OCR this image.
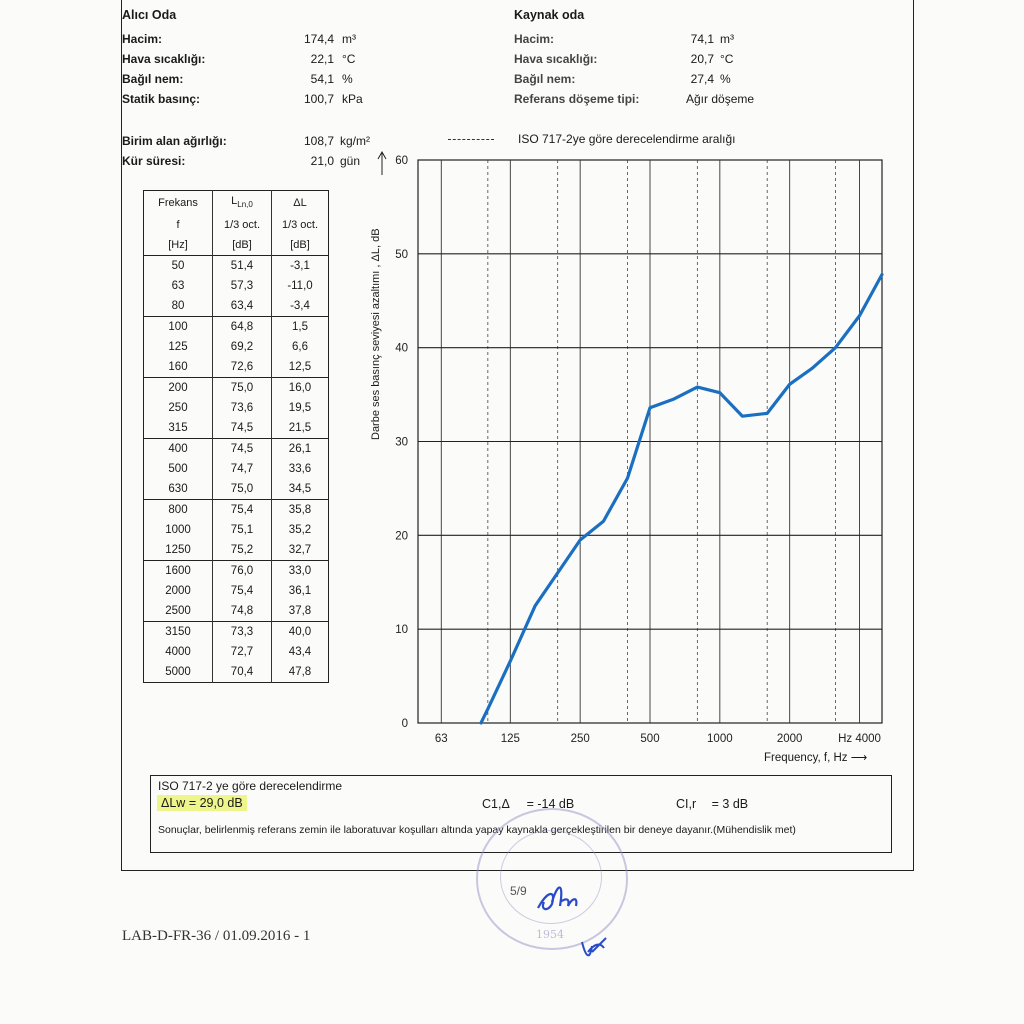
Alıcı Oda
Hacim:	174,4 m³
Hava sıcaklığı:	22,1 °C
Bağıl nem:	54,1 %
Statik basınç:	100,7 kPa
Kaynak oda
Hacim:	74,1 m³
Hava sıcaklığı:	20,7 °C
Bağıl nem:	27,4 %
Referans döşeme tipi:	Ağır döşeme
Birim alan ağırlığı:	108,7 kg/m²
Kür süresi:	21,0 gün
ISO 717-2ye göre derecelendirme aralığı
Frekans	$L_{Ln,0}$	ΔL
f	1/3 oct.	1/3 oct.
[Hz]	[dB]	[dB]
50	51,4	-3,1
63	57,3	-11,0
80	63,4	-3,4
100	64,8	1,5
125	69,2	6,6
160	72,6	12,5
200	75,0	16,0
250	73,6	19,5
315	74,5	21,5
400	74,5	26,1
500	74,7	33,6
630	75,0	34,5
800	75,4	35,8
1000	75,1	35,2
1250	75,2	32,7
1600	76,0	33,0
2000	75,4	36,1
2500	74,8	37,8
3150	73,3	40,0
4000	72,7	43,4
5000	70,4	47,8
0
10
20
30
40
50
60
63	125	250	500	1000	2000	Hz 4000
Darbe ses basınç seviyesi azaltımı , ΔL, dB
Frequency, f, Hz ⟶
ISO 717-2 ye göre derecelendirme
ΔLw = 29,0 dB	C1,Δ = -14 dB	CI,r = 3 dB
Sonuçlar, belirlenmiş referans zemin ile laboratuvar koşulları altında yapay kaynakla gerçekleştirilen bir deneye dayanır.(Mühendislik met)
1954
5/9
LAB-D-FR-36 / 01.09.2016 - 1
